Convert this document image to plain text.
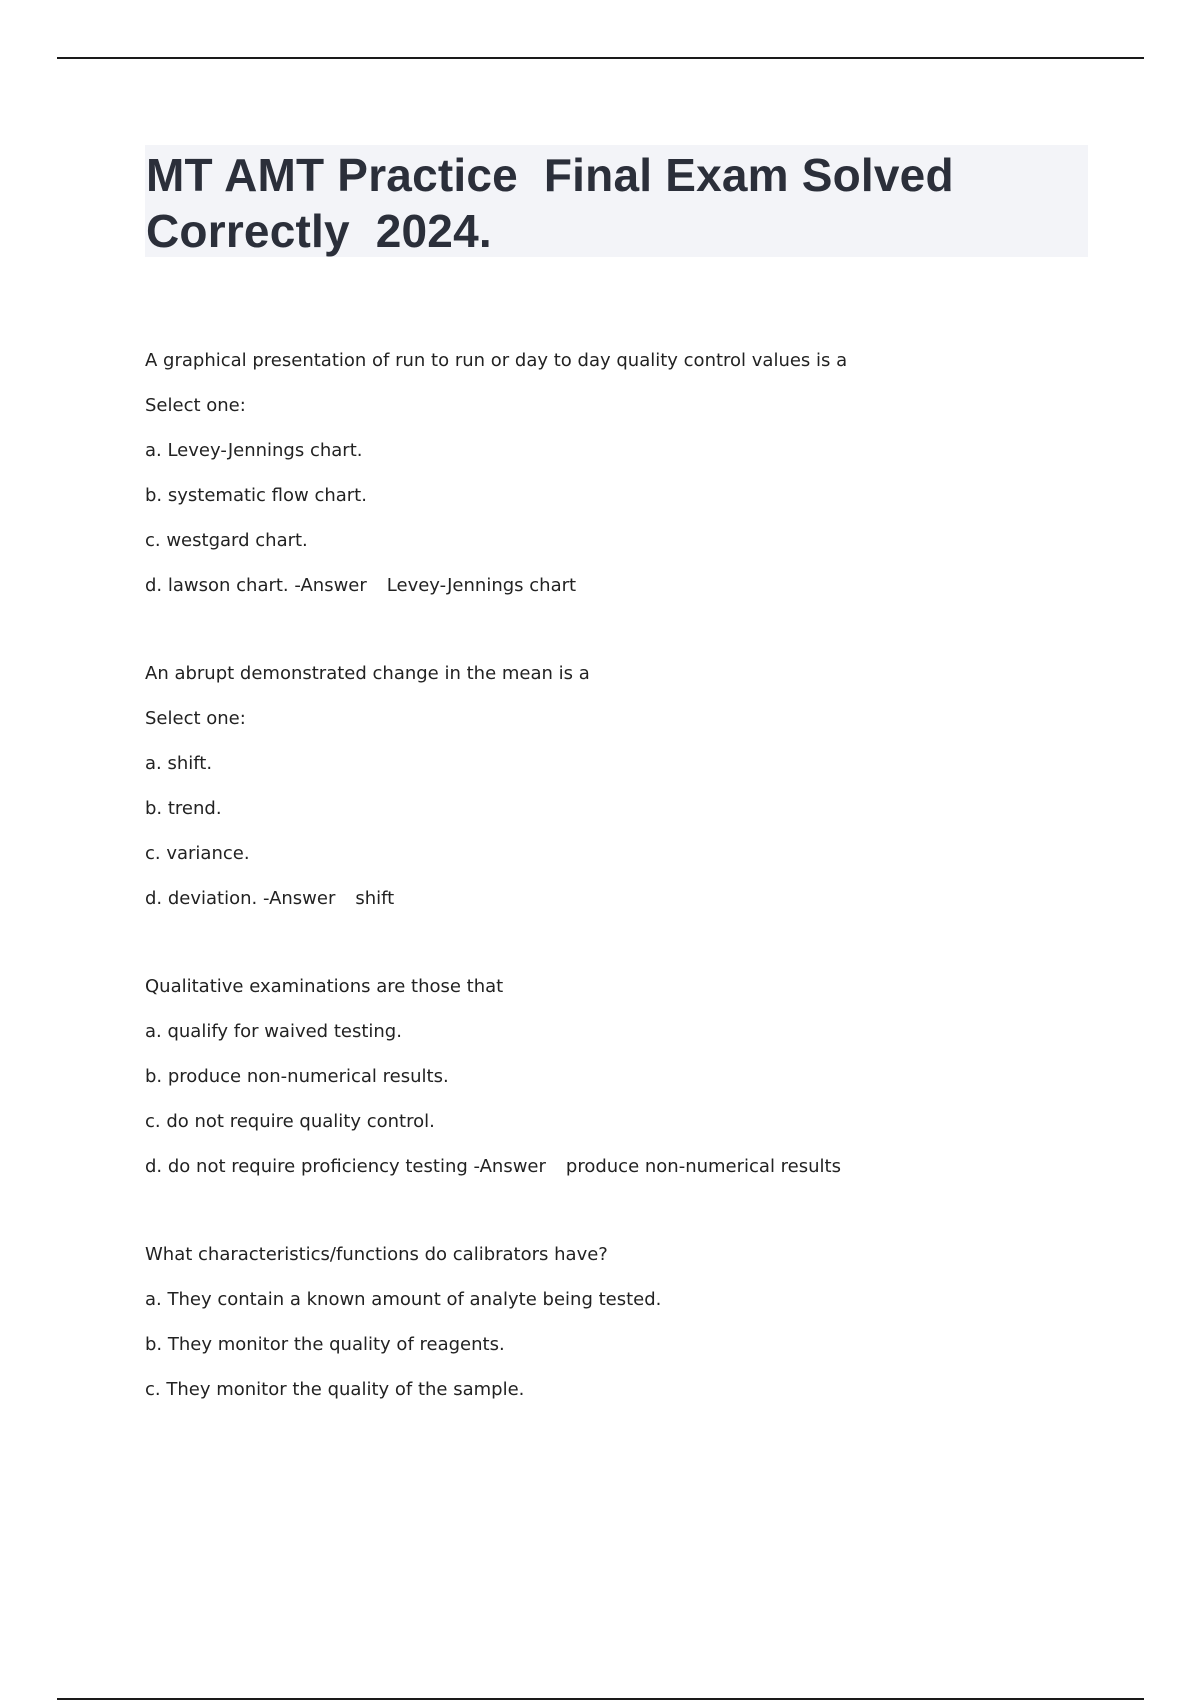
MT AMT Practice  Final Exam Solved
Correctly  2024.
A graphical presentation of run to run or day to day quality control values is a
Select one:
a. Levey-Jennings chart.
b. systematic flow chart.
c. westgard chart.
d. lawson chart. -Answer Levey-Jennings chart
An abrupt demonstrated change in the mean is a
Select one:
a. shift.
b. trend.
c. variance.
d. deviation. -Answer shift
Qualitative examinations are those that
a. qualify for waived testing.
b. produce non-numerical results.
c. do not require quality control.
d. do not require proficiency testing -Answer produce non-numerical results
What characteristics/functions do calibrators have?
a. They contain a known amount of analyte being tested.
b. They monitor the quality of reagents.
c. They monitor the quality of the sample.
